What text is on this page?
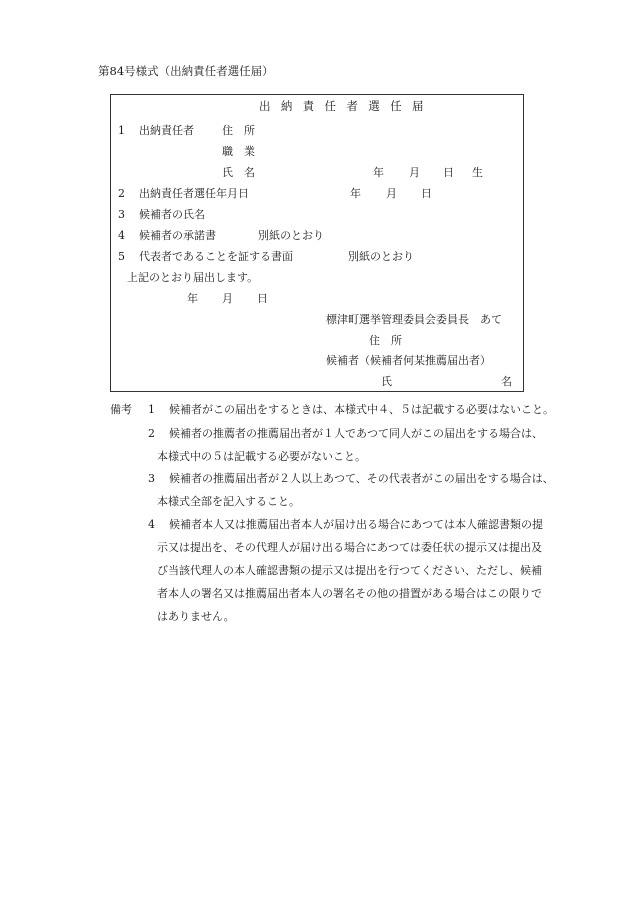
第84号様式（出納責任者選任届）
出納責任者選任届
1 出納責任者	住　所
職　業
氏　名	年 月 日 生
2 出納責任者選任年月日	年 月 日
3 候補者の氏名
4 候補者の承諾書	別紙のとおり
5 代表者であることを証する書面	別紙のとおり
上記のとおり届出します。
年 月 日
標津町選挙管理委員会委員長　あて
住　所
候補者（候補者何某推薦届出者）
氏	名
備考 1 候補者がこの届出をするときは、本様式中４、５は記載する必要はないこと。
2 候補者の推薦者の推薦届出者が１人であつて同人がこの届出をする場合は、
本様式中の５は記載する必要がないこと。
3 候補者の推薦届出者が２人以上あつて、その代表者がこの届出をする場合は、
本様式全部を記入すること。
4 候補者本人又は推薦届出者本人が届け出る場合にあつては本人確認書類の提
示又は提出を、その代理人が届け出る場合にあつては委任状の提示又は提出及
び当該代理人の本人確認書類の提示又は提出を行つてください、ただし、候補
者本人の署名又は推薦届出者本人の署名その他の措置がある場合はこの限りで
はありません。
